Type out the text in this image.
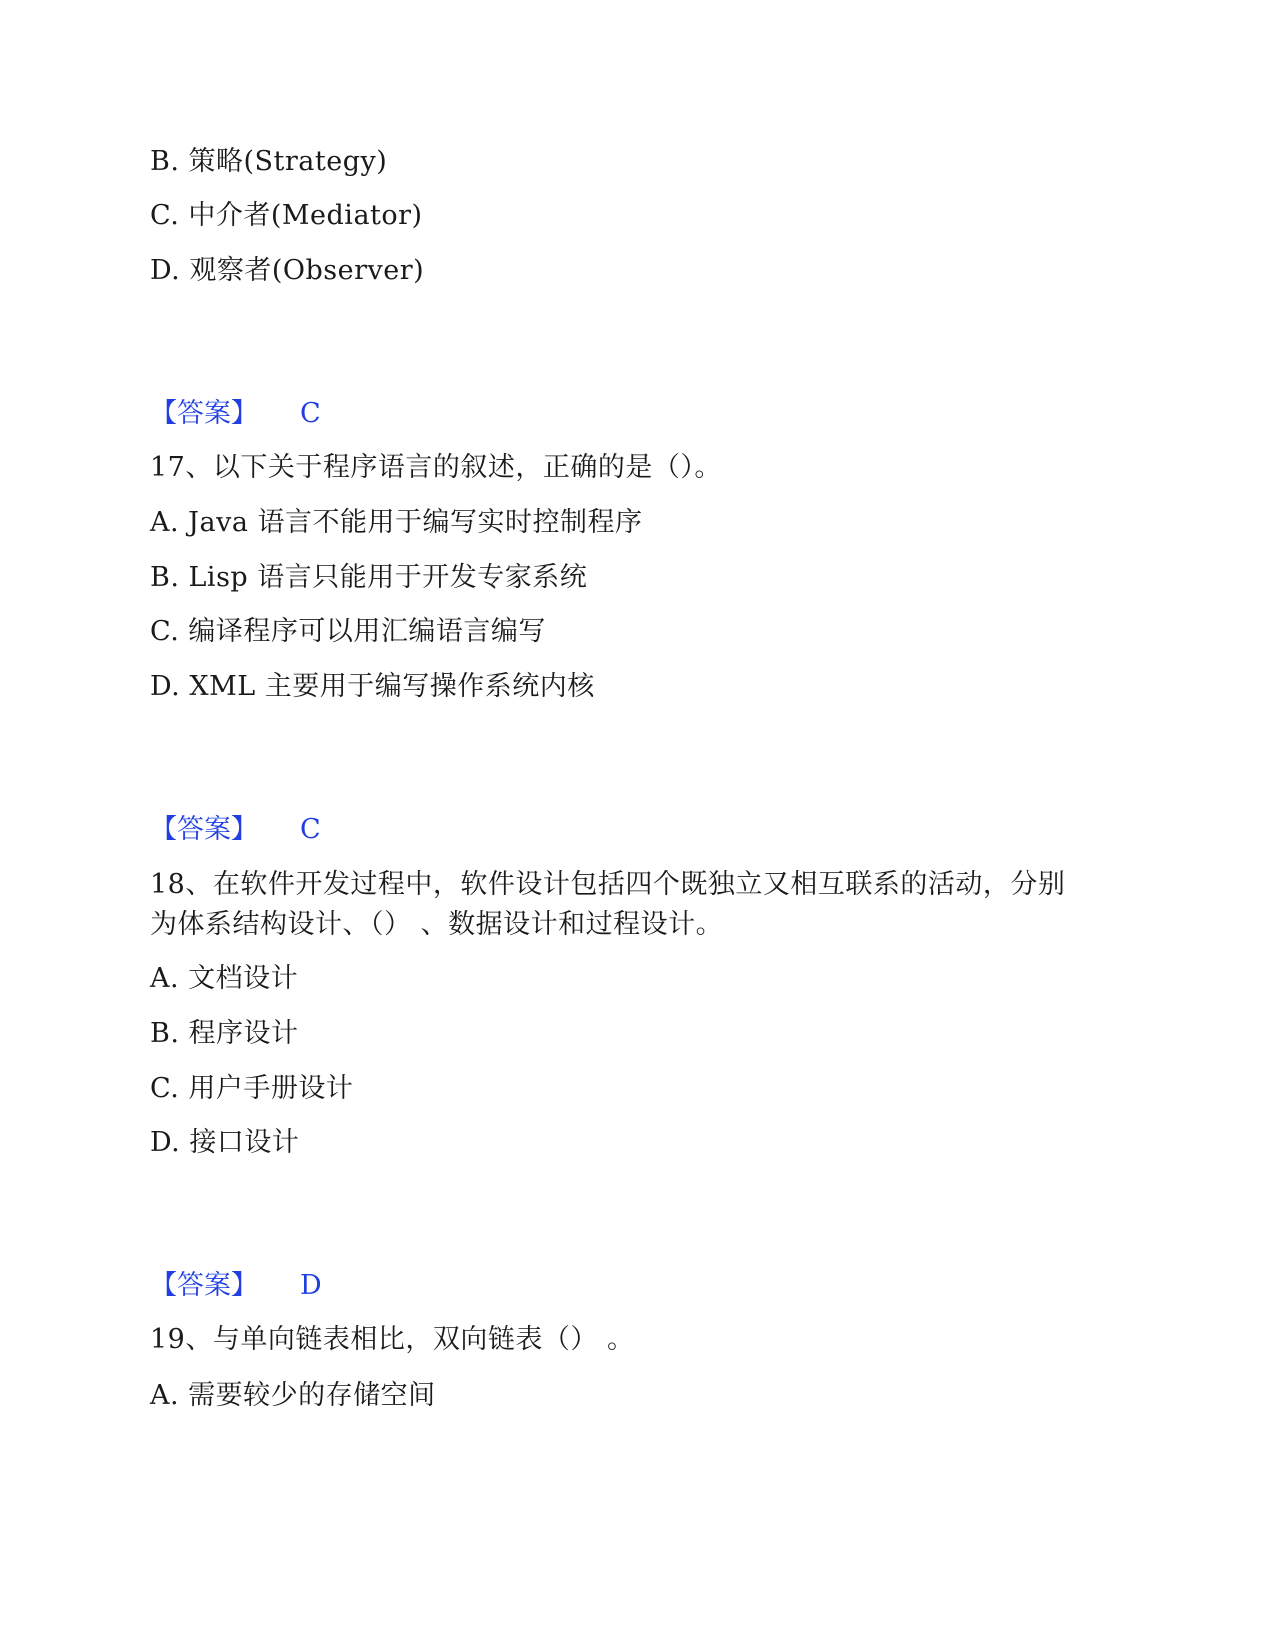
B. 策略(Strategy)
C. 中介者(Mediator)
D. 观察者(Observer)
【答案】 C
17、以下关于程序语言的叙述，正确的是（）。
A. Java 语言不能用于编写实时控制程序
B. Lisp 语言只能用于开发专家系统
C. 编译程序可以用汇编语言编写
D. XML 主要用于编写操作系统内核
【答案】 C
18、在软件开发过程中，软件设计包括四个既独立又相互联系的活动，分别
为体系结构设计、（） 、数据设计和过程设计。
A. 文档设计
B. 程序设计
C. 用户手册设计
D. 接口设计
【答案】 D
19、与单向链表相比，双向链表（） 。
A. 需要较少的存储空间
